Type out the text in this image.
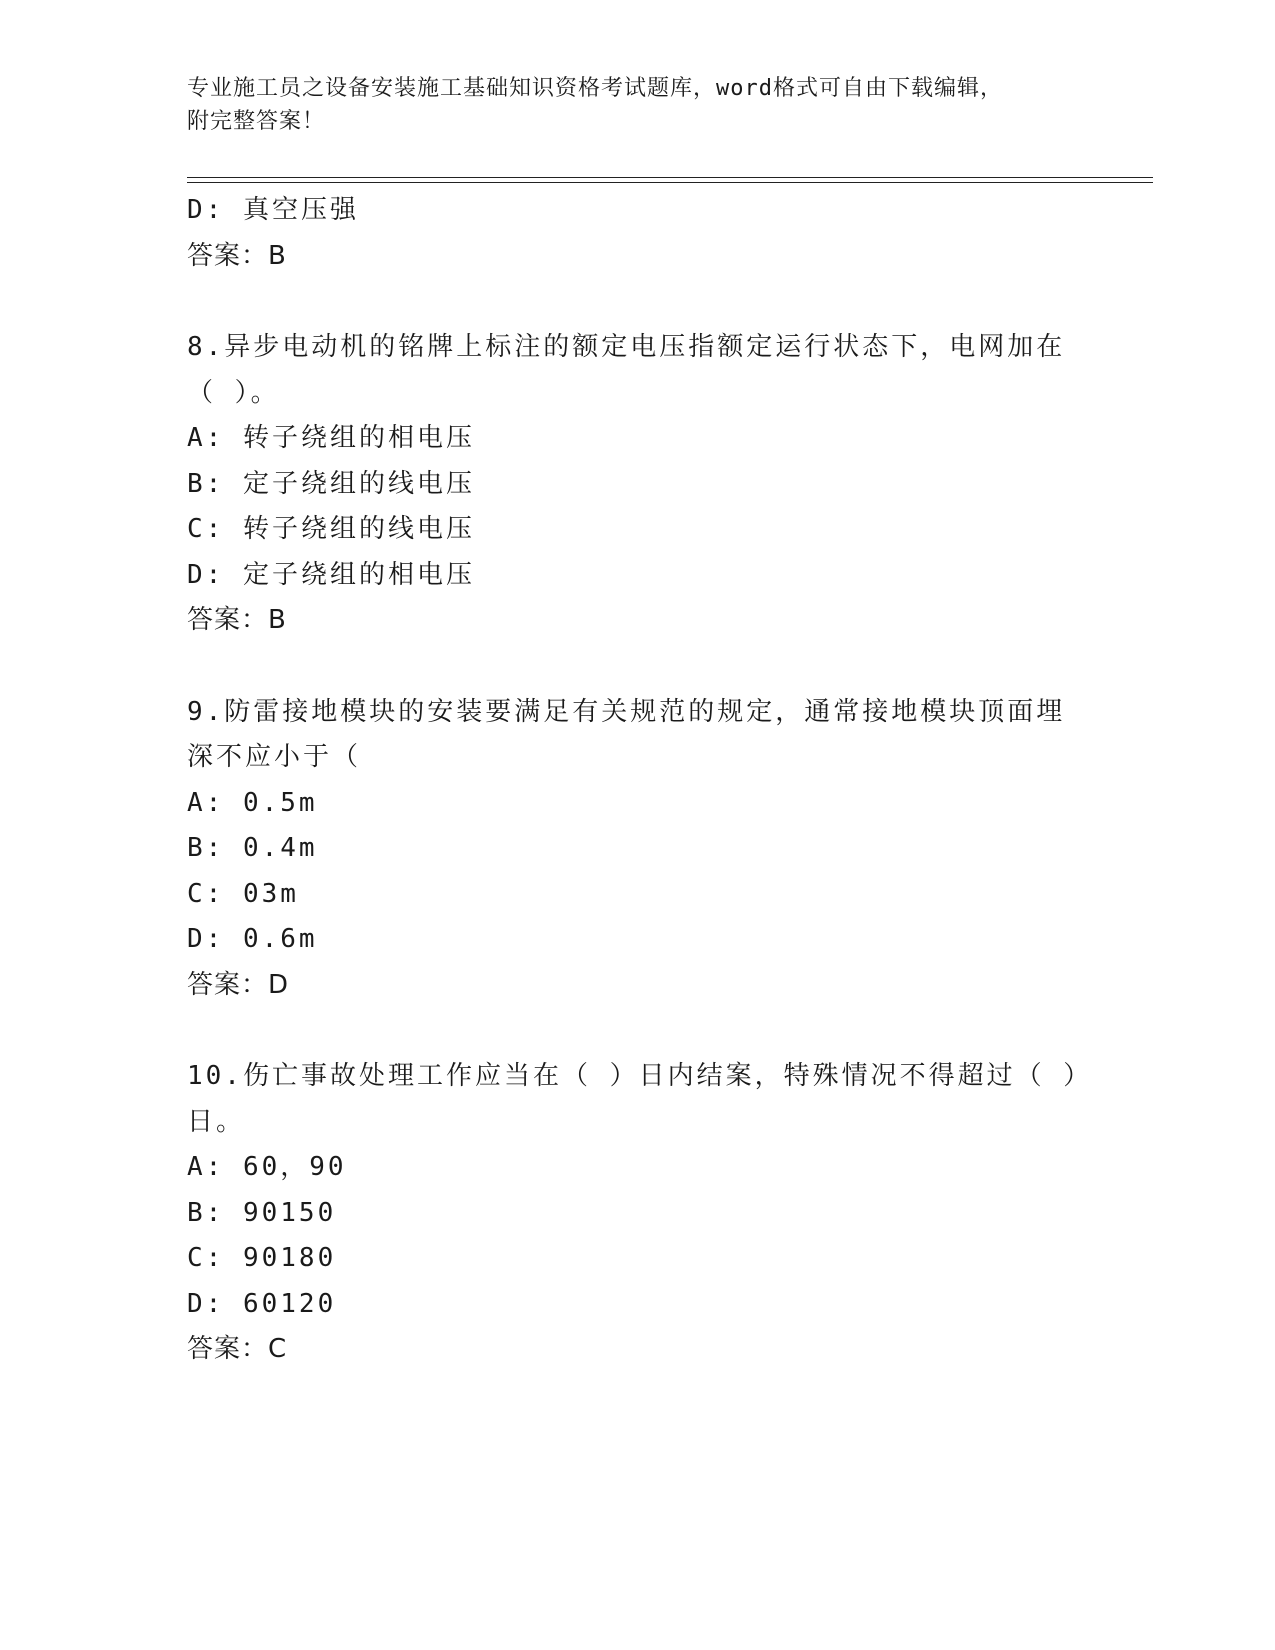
专业施工员之设备安装施工基础知识资格考试题库，word格式可自由下载编辑，
附完整答案！
D: 真空压强
答案：B
8.异步电动机的铭牌上标注的额定电压指额定运行状态下，电网加在
（ ）。
A: 转子绕组的相电压
B: 定子绕组的线电压
C: 转子绕组的线电压
D: 定子绕组的相电压
答案：B
9.防雷接地模块的安装要满足有关规范的规定，通常接地模块顶面埋
深不应小于（
A: 0.5m
B: 0.4m
C: 03m
D: 0.6m
答案：D
10.伤亡事故处理工作应当在（ ）日内结案，特殊情况不得超过（ ）
日。
A: 60，90
B: 90150
C: 90180
D: 60120
答案：C
